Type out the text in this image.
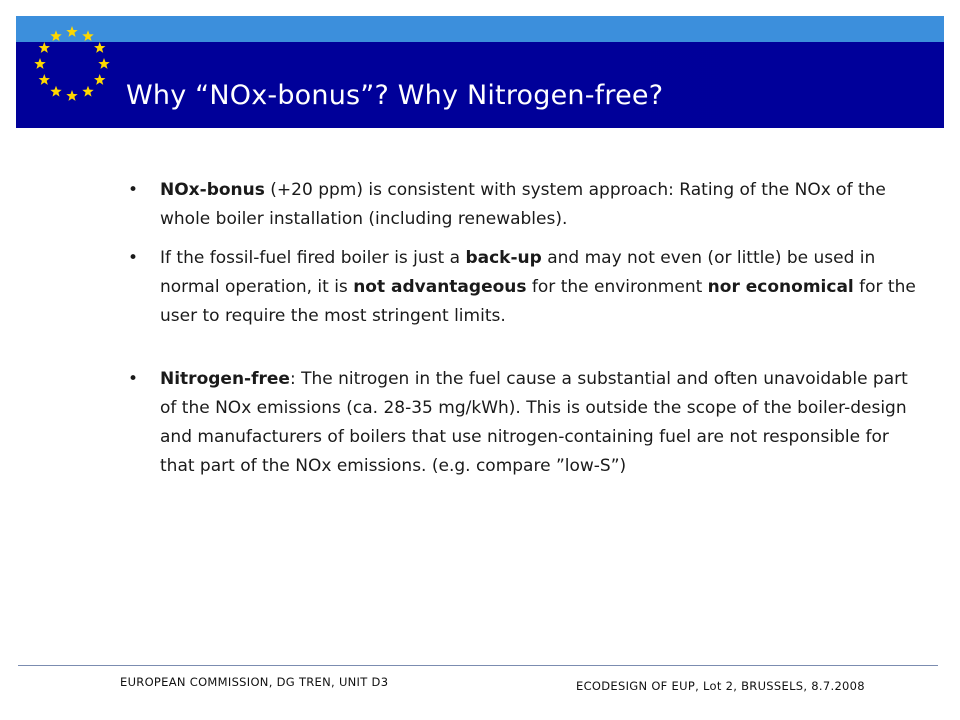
Why “NOx-bonus”? Why Nitrogen-free?
• NOx-bonus (+20 ppm) is consistent with system approach: Rating of the NOx of the whole boiler installation (including renewables).
• If the fossil-fuel fired boiler is just a back-up and may not even (or little) be used in normal operation, it is not advantageous for the environment nor economical for the user to require the most stringent limits.
• Nitrogen-free: The nitrogen in the fuel cause a substantial and often unavoidable part of the NOx emissions (ca. 28-35 mg/kWh). This is outside the scope of the boiler-design and manufacturers of boilers that use nitrogen-containing fuel are not responsible for that part of the NOx emissions. (e.g. compare ”low-S”)
EUROPEAN COMMISSION, DG TREN, UNIT D3	ECODESIGN OF EUP, Lot 2, BRUSSELS, 8.7.2008
